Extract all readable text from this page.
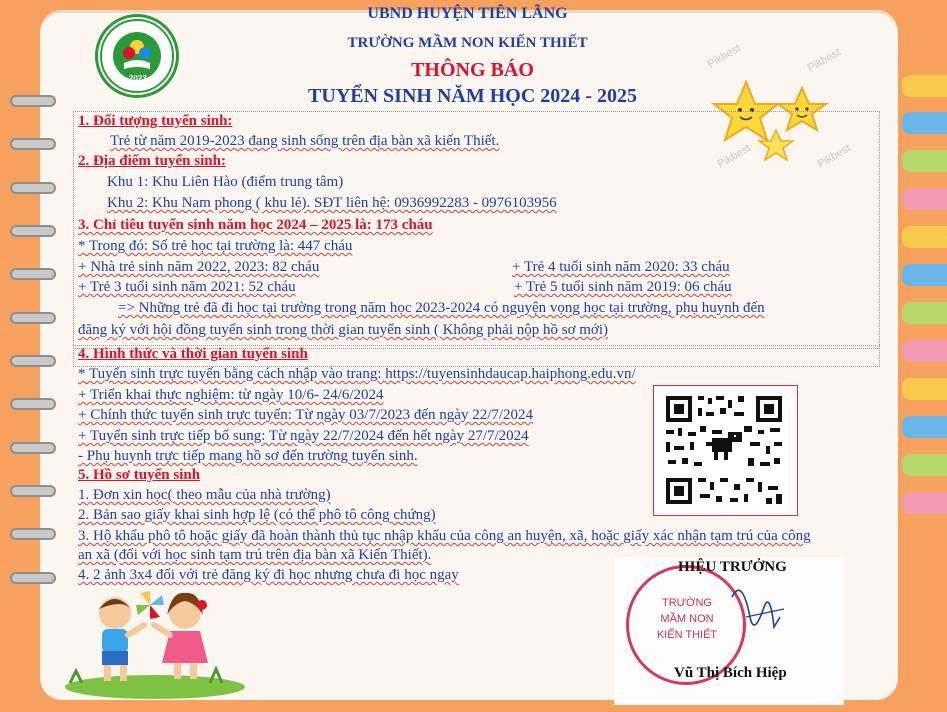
2023
UBND HUYỆN TIÊN LÃNG
TRƯỜNG MẦM NON KIẾN THIẾT
THÔNG BÁO
TUYỂN SINH NĂM HỌC 2024 - 2025
Pikbest	Pikbest
Pikbest	Pikbest
1. Đối tượng tuyển sinh:
Trẻ từ năm 2019-2023 đang sinh sống trên địa bàn xã kiến Thiết.
2. Địa điểm tuyển sinh:
Khu 1: Khu Liên Hào (điểm trung tâm)
Khu 2: Khu Nam phong ( khu lẻ). SĐT liên hệ: 0936992283 - 0976103956
3. Chỉ tiêu tuyển sinh năm học 2024 – 2025 là: 173 cháu
* Trong đó: Số trẻ học tại trường là: 447 cháu
+ Nhà trẻ sinh năm 2022, 2023: 82 cháu	+ Trẻ 4 tuổi sinh năm 2020: 33 cháu
+ Trẻ 3 tuổi sinh năm 2021: 52 cháu	+ Trẻ 5 tuổi sinh năm 2019: 06 cháu
=> Những trẻ đã đi học tại trường trong năm học 2023-2024 có nguyện vọng học tại trường, phụ huynh đến
đăng ký với hội đồng tuyển sinh trong thời gian tuyển sinh ( Không phải nộp hồ sơ mới)
4. Hình thức và thời gian tuyển sinh
* Tuyển sinh trực tuyến bằng cách nhập vào trang: https://tuyensinhdaucap.haiphong.edu.vn/
+ Triển khai thực nghiệm: từ ngày 10/6- 24/6/2024
+ Chính thức tuyển sinh trực tuyến: Từ ngày 03/7/2023 đến ngày 22/7/2024
+ Tuyển sinh trực tiếp bổ sung: Từ ngày 22/7/2024 đến hết ngày 27/7/2024
- Phụ huynh trực tiếp mang hồ sơ đến trường tuyển sinh.
5. Hồ sơ tuyển sinh
1. Đơn xin học( theo mẫu của nhà trường)
2. Bản sao giấy khai sinh hợp lệ (có thể phô tô công chứng)
3. Hộ khẩu phô tô hoặc giấy đã hoàn thành thủ tục nhập khẩu của công an huyện, xã, hoặc giấy xác nhận tạm trú của công
an xã (đối với học sinh tạm trú trên địa bàn xã Kiến Thiết).
4. 2 ảnh 3x4 đối với trẻ đăng ký đi học nhưng chưa đi học ngay
TRƯỜNG
MẦM NON
KIẾN THIẾT
HIỆU TRƯỞNG
Vũ Thị Bích Hiệp
